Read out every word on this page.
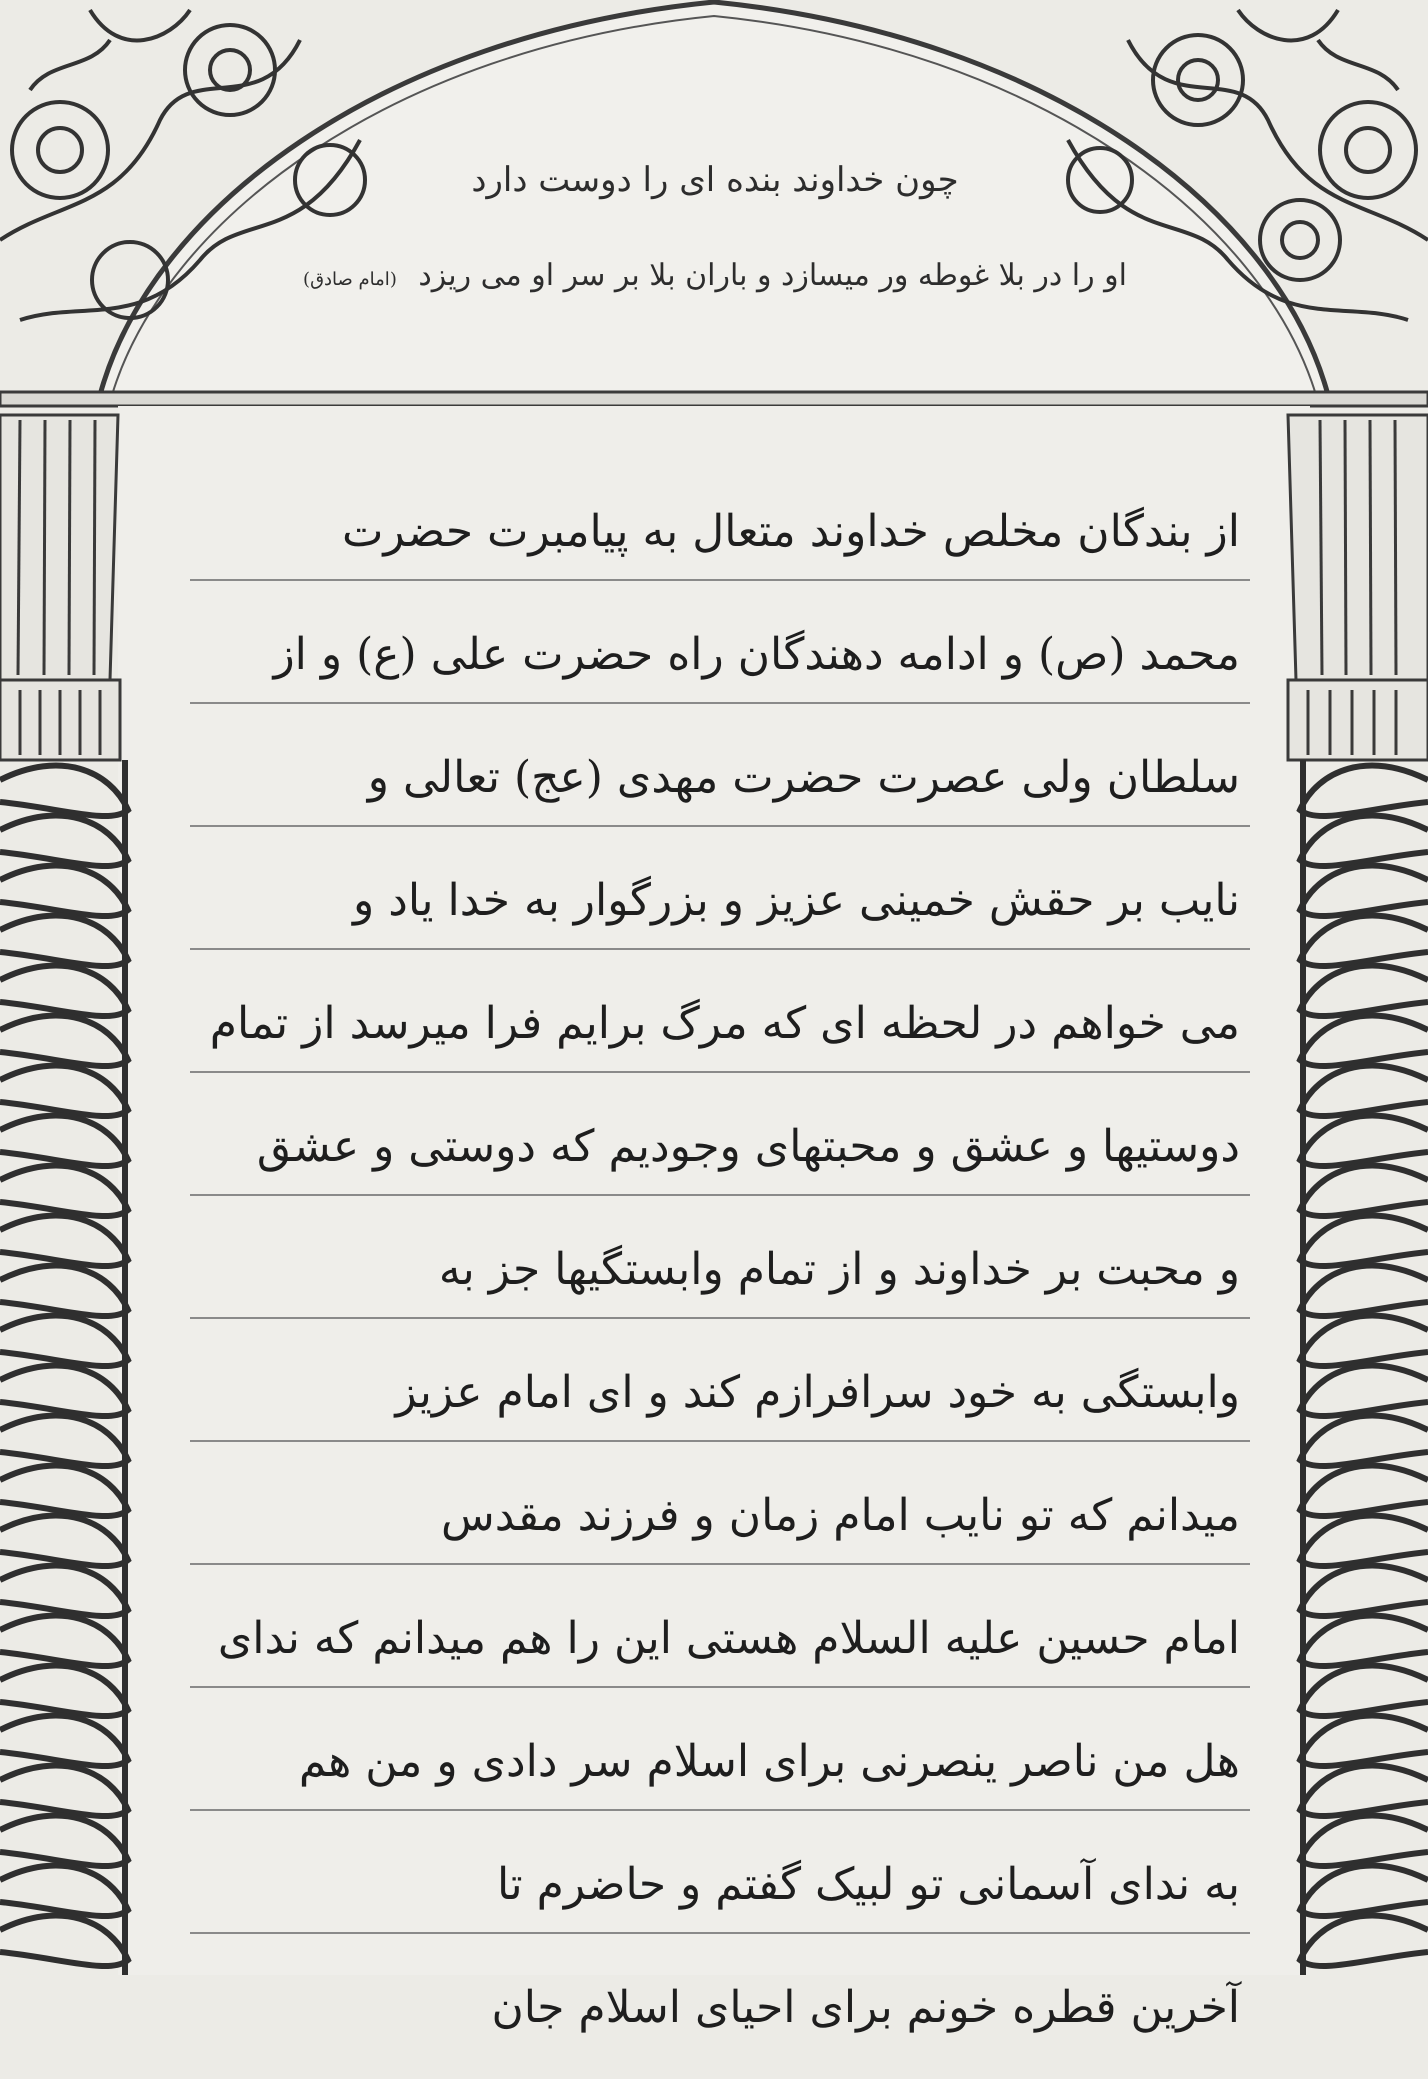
چون خداوند بنده ای را دوست دارد
او را در بلا غوطه ور میسازد و باران بلا بر سر او می ریزد (امام صادق)
از بندگان مخلص خداوند متعال به پیامبرت حضرت
محمد (ص) و ادامه دهندگان راه حضرت علی (ع) و از
سلطان ولی عصرت حضرت مهدی (عج) تعالی و
نایب بر حقش خمینی عزیز و بزرگوار به خدا یاد و
می خواهم در لحظه ای که مرگ برایم فرا میرسد از تمام
دوستیها و عشق و محبتهای وجودیم که دوستی و عشق
و محبت بر خداوند و از تمام وابستگیها جز به
وابستگی به خود سرافرازم کند و ای امام عزیز
میدانم که تو نایب امام زمان و فرزند مقدس
امام حسین علیه السلام هستی این را هم میدانم که ندای
هل من ناصر ینصرنی برای اسلام سر دادی و من هم
به ندای آسمانی تو لبیک گفتم و حاضرم تا
آخرین قطره خونم برای احیای اسلام جان
